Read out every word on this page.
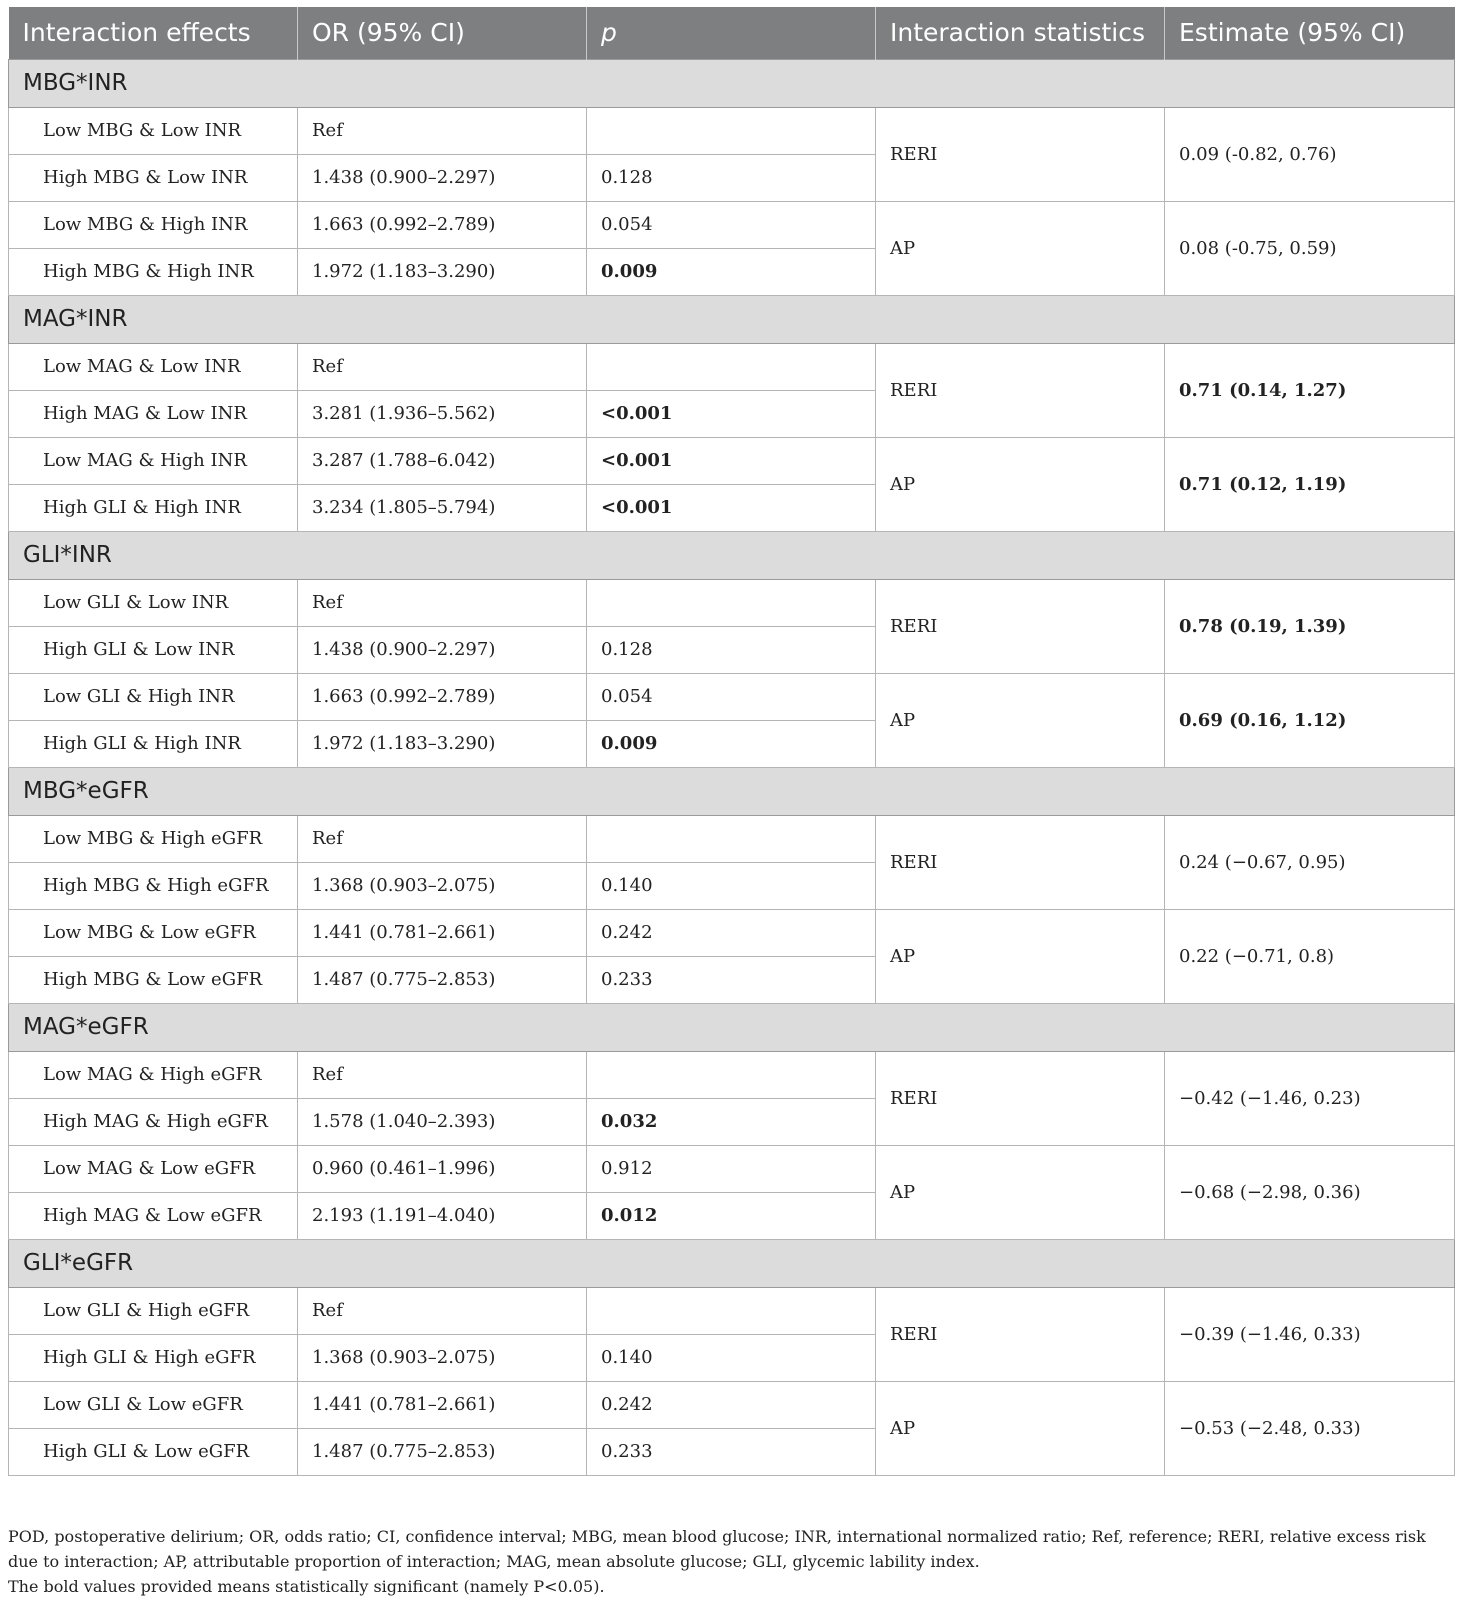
Interaction effects	OR (95% CI)	p	Interaction statistics	Estimate (95% CI)
MBG*INR				
Low MBG & Low INR	Ref		RERI	0.09 (-0.82, 0.76)
High MBG & Low INR	1.438 (0.900–2.297)	0.128		
Low MBG & High INR	1.663 (0.992–2.789)	0.054	AP	0.08 (-0.75, 0.59)
High MBG & High INR	1.972 (1.183–3.290)	0.009		
MAG*INR				
Low MAG & Low INR	Ref		RERI	0.71 (0.14, 1.27)
High MAG & Low INR	3.281 (1.936–5.562)	<0.001		
Low MAG & High INR	3.287 (1.788–6.042)	<0.001	AP	0.71 (0.12, 1.19)
High GLI & High INR	3.234 (1.805–5.794)	<0.001		
GLI*INR				
Low GLI & Low INR	Ref		RERI	0.78 (0.19, 1.39)
High GLI & Low INR	1.438 (0.900–2.297)	0.128		
Low GLI & High INR	1.663 (0.992–2.789)	0.054	AP	0.69 (0.16, 1.12)
High GLI & High INR	1.972 (1.183–3.290)	0.009		
MBG*eGFR				
Low MBG & High eGFR	Ref		RERI	0.24 (−0.67, 0.95)
High MBG & High eGFR	1.368 (0.903–2.075)	0.140		
Low MBG & Low eGFR	1.441 (0.781–2.661)	0.242	AP	0.22 (−0.71, 0.8)
High MBG & Low eGFR	1.487 (0.775–2.853)	0.233		
MAG*eGFR				
Low MAG & High eGFR	Ref		RERI	−0.42 (−1.46, 0.23)
High MAG & High eGFR	1.578 (1.040–2.393)	0.032		
Low MAG & Low eGFR	0.960 (0.461–1.996)	0.912	AP	−0.68 (−2.98, 0.36)
High MAG & Low eGFR	2.193 (1.191–4.040)	0.012		
GLI*eGFR				
Low GLI & High eGFR	Ref		RERI	−0.39 (−1.46, 0.33)
High GLI & High eGFR	1.368 (0.903–2.075)	0.140		
Low GLI & Low eGFR	1.441 (0.781–2.661)	0.242	AP	−0.53 (−2.48, 0.33)
High GLI & Low eGFR	1.487 (0.775–2.853)	0.233		
POD, postoperative delirium; OR, odds ratio; CI, confidence interval; MBG, mean blood glucose; INR, international normalized ratio; Ref, reference; RERI, relative excess risk due to interaction; AP, attributable proportion of interaction; MAG, mean absolute glucose; GLI, glycemic lability index.
The bold values provided means statistically significant (namely P<0.05).
